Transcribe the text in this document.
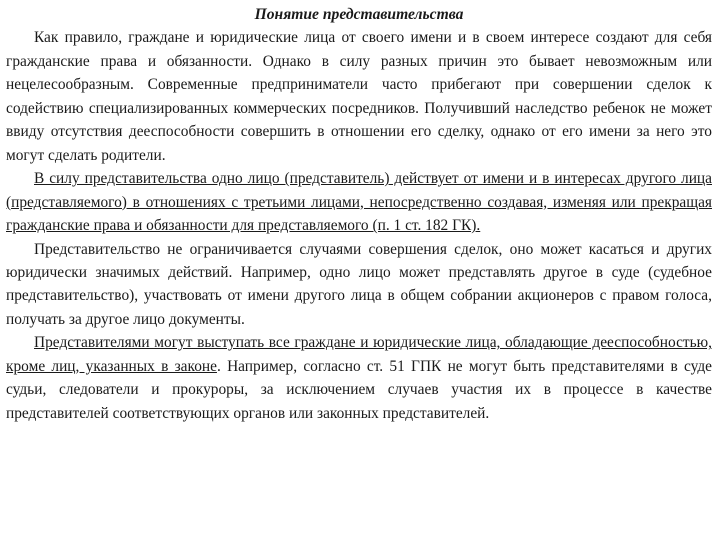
Понятие представительства

Как правило, граждане и юридические лица от своего имени и в своем интересе создают для себя гражданские права и обязанности. Однако в силу разных причин это бывает невозможным или нецелесообразным. Современные предприниматели часто прибегают при совершении сделок к содействию специализированных коммерческих посредников. Получивший наследство ребенок не может ввиду отсутствия дееспособности совершить в отношении его сделку, однако от его имени за него это могут сделать родители.

В силу представительства одно лицо (представитель) действует от имени и в интересах другого лица (представляемого) в отношениях с третьими лицами, непосредственно создавая, изменяя или прекращая гражданские права и обязанности для представляемого (п. 1 ст. 182 ГК).

Представительство не ограничивается случаями совершения сделок, оно может касаться и других юридически значимых действий. Например, одно лицо может представлять другое в суде (судебное представительство), участвовать от имени другого лица в общем собрании акционеров с правом голоса, получать за другое лицо документы.

Представителями могут выступать все граждане и юридические лица, обладающие дееспособностью, кроме лиц, указанных в законе. Например, согласно ст. 51 ГПК не могут быть представителями в суде судьи, следователи и прокуроры, за исключением случаев участия их в процессе в качестве представителей соответствующих органов или законных представителей.
